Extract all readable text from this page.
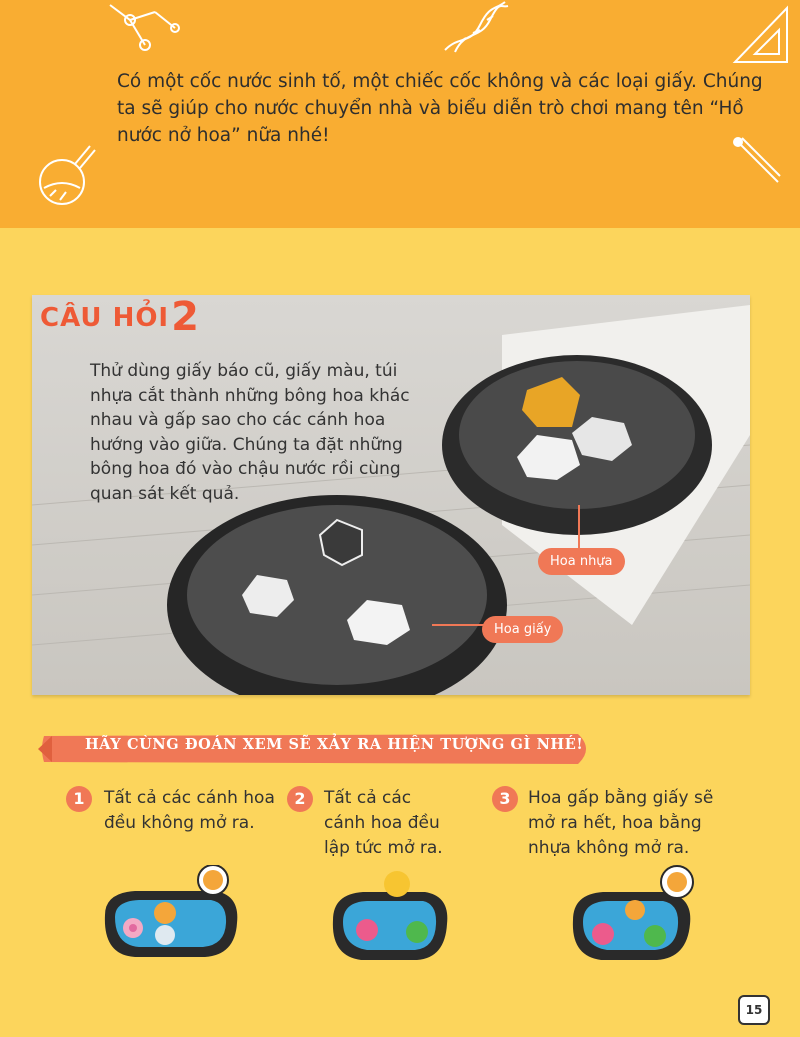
Có một cốc nước sinh tố, một chiếc cốc không và các loại giấy. Chúng ta sẽ giúp cho nước chuyển nhà và biểu diễn trò chơi mang tên “Hồ nước nở hoa” nữa nhé!
CÂU HỎI2
Thử dùng giấy báo cũ, giấy màu, túi nhựa cắt thành những bông hoa khác nhau và gấp sao cho các cánh hoa hướng vào giữa. Chúng ta đặt những bông hoa đó vào chậu nước rồi cùng quan sát kết quả.
Hoa nhựa
Hoa giấy
HÃY CÙNG ĐOÁN XEM SẼ XẢY RA HIỆN TƯỢNG GÌ NHÉ!
1	Tất cả các cánh hoa đều không mở ra.
2	Tất cả các cánh hoa đều lập tức mở ra.
3	Hoa gấp bằng giấy sẽ mở ra hết, hoa bằng nhựa không mở ra.
15
